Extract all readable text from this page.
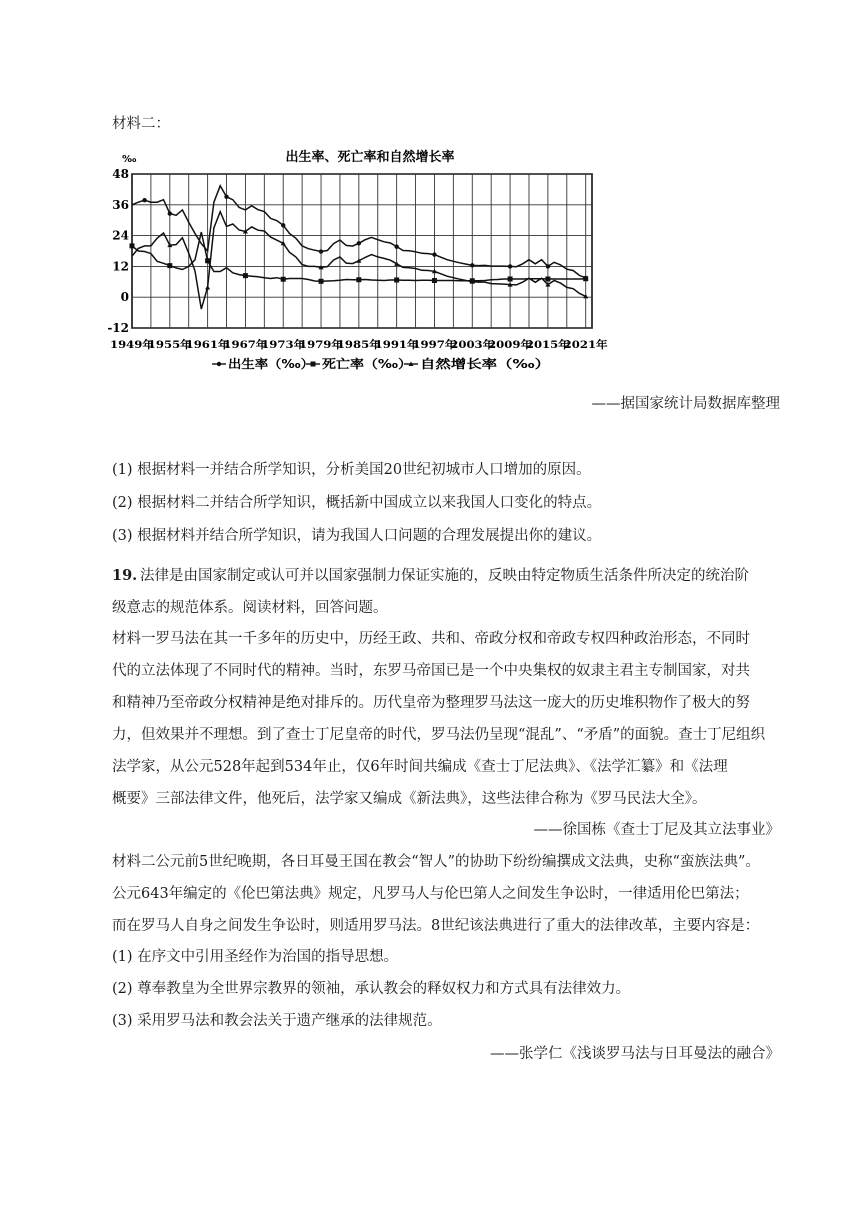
材料二：
出生率、死亡率和自然增长率
‰
48
36
24
12
0
-12
1949年
1955年
1961年
1967年
1973年
1979年
1985年
1991年
1997年
2003年
2009年
2015年
2021年
出生率（‰）	死亡率（‰）	自然增长率（‰）
——据国家统计局数据库整理
(1) 根据材料一并结合所学知识，分析美国20世纪初城市人口增加的原因。
(2) 根据材料二并结合所学知识，概括新中国成立以来我国人口变化的特点。
(3) 根据材料并结合所学知识，请为我国人口问题的合理发展提出你的建议。
19. 法律是由国家制定或认可并以国家强制力保证实施的，反映由特定物质生活条件所决定的统治阶
级意志的规范体系。阅读材料，回答问题。
材料一罗马法在其一千多年的历史中，历经王政、共和、帝政分权和帝政专权四种政治形态，不同时
代的立法体现了不同时代的精神。当时，东罗马帝国已是一个中央集权的奴隶主君主专制国家，对共
和精神乃至帝政分权精神是绝对排斥的。历代皇帝为整理罗马法这一庞大的历史堆积物作了极大的努
力，但效果并不理想。到了查士丁尼皇帝的时代，罗马法仍呈现“混乱”、“矛盾”的面貌。查士丁尼组织
法学家，从公元528年起到534年止，仅6年时间共编成《查士丁尼法典》、《法学汇纂》和《法理
概要》三部法律文件，他死后，法学家又编成《新法典》，这些法律合称为《罗马民法大全》。
——徐国栋《查士丁尼及其立法事业》
材料二公元前5世纪晚期，各日耳曼王国在教会“智人”的协助下纷纷编撰成文法典，史称“蛮族法典”。
公元643年编定的《伦巴第法典》规定，凡罗马人与伦巴第人之间发生争讼时，一律适用伦巴第法；
而在罗马人自身之间发生争讼时，则适用罗马法。8世纪该法典进行了重大的法律改革，主要内容是：
(1) 在序文中引用圣经作为治国的指导思想。
(2) 尊奉教皇为全世界宗教界的领袖，承认教会的释奴权力和方式具有法律效力。
(3) 采用罗马法和教会法关于遗产继承的法律规范。
——张学仁《浅谈罗马法与日耳曼法的融合》
